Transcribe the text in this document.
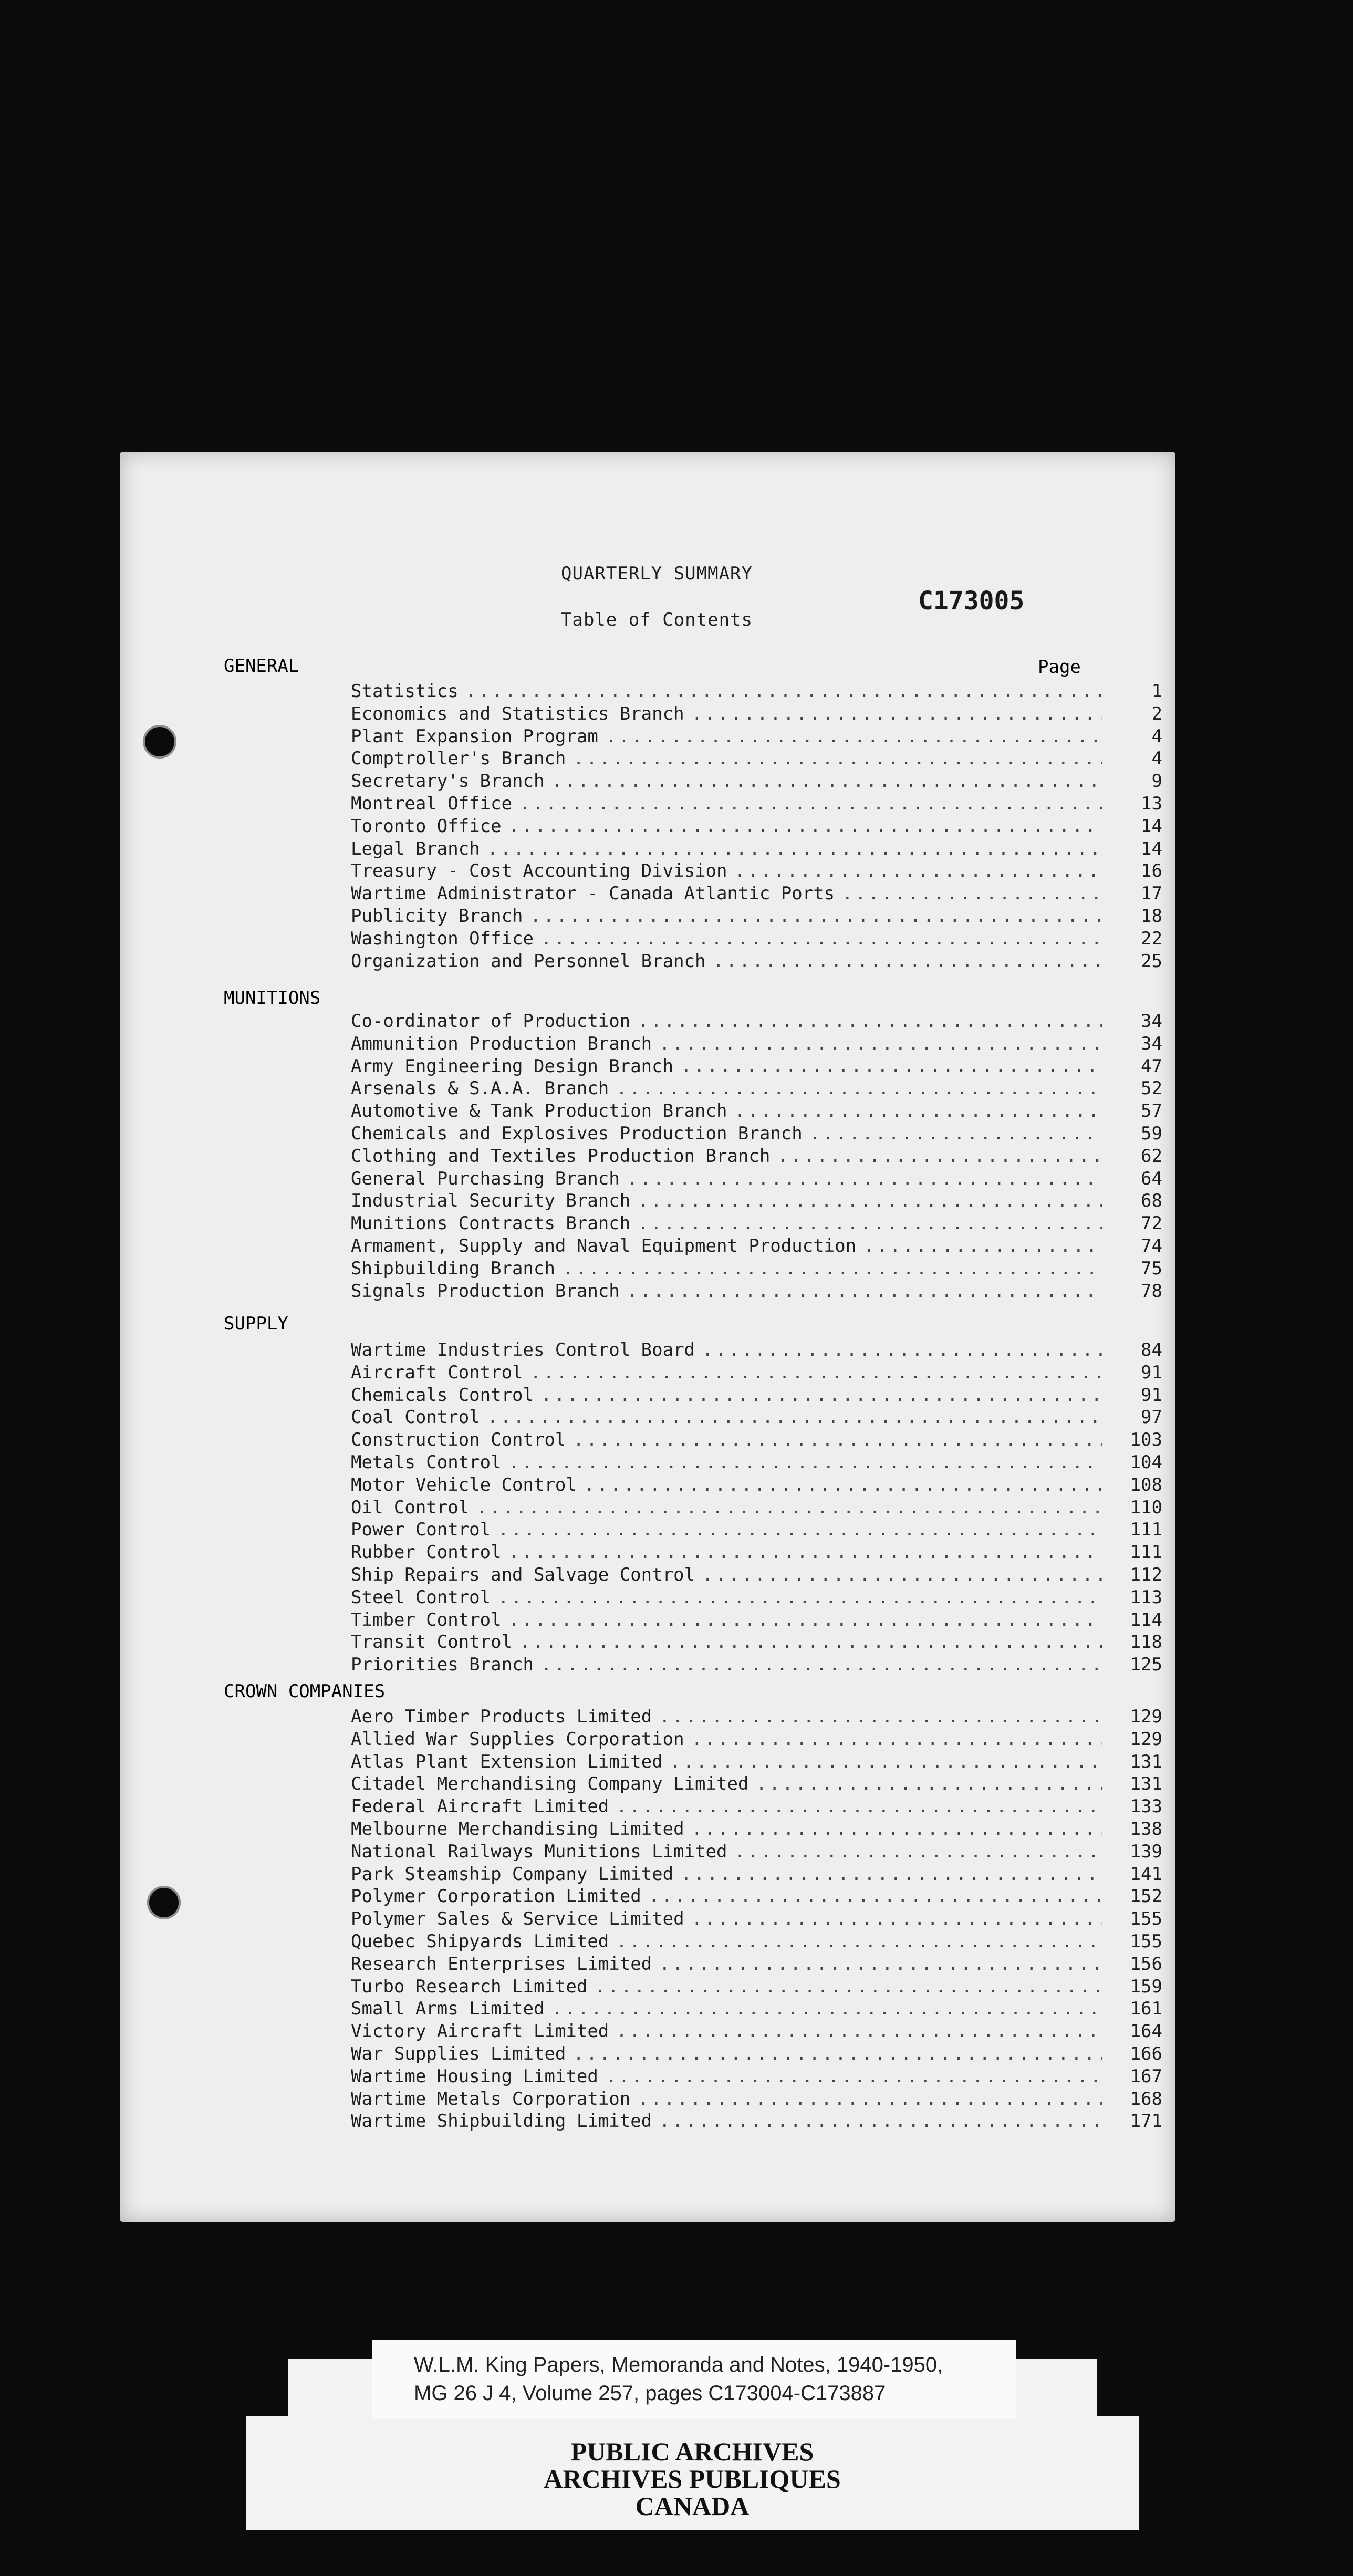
QUARTERLY SUMMARY
C173005
Table of Contents
GENERAL	Page
Statistics . . .	1
Economics and Statistics Branch . . .	2
Plant Expansion Program . . .	4
Comptroller's Branch . . .	4
Secretary's Branch . . .	9
Montreal Office . . .	13
Toronto Office . . .	14
Legal Branch . . .	14
Treasury - Cost Accounting Division . . .	16
Wartime Administrator - Canada Atlantic Ports . . .	17
Publicity Branch . . .	18
Washington Office . . .	22
Organization and Personnel Branch . . .	25
MUNITIONS
Co-ordinator of Production . . .	34
Ammunition Production Branch . . .	34
Army Engineering Design Branch . . .	47
Arsenals & S.A.A. Branch . . .	52
Automotive & Tank Production Branch . . .	57
Chemicals and Explosives Production Branch . . .	59
Clothing and Textiles Production Branch . . .	62
General Purchasing Branch . . .	64
Industrial Security Branch . . .	68
Munitions Contracts Branch . . .	72
Armament, Supply and Naval Equipment Production . . .	74
Shipbuilding Branch . . .	75
Signals Production Branch . . .	78
SUPPLY
Wartime Industries Control Board . . .	84
Aircraft Control . . .	91
Chemicals Control . . .	91
Coal Control . . .	97
Construction Control . . .	103
Metals Control . . .	104
Motor Vehicle Control . . .	108
Oil Control . . .	110
Power Control . . .	111
Rubber Control . . .	111
Ship Repairs and Salvage Control . . .	112
Steel Control . . .	113
Timber Control . . .	114
Transit Control . . .	118
Priorities Branch . . .	125
CROWN COMPANIES
Aero Timber Products Limited . . .	129
Allied War Supplies Corporation . . .	129
Atlas Plant Extension Limited . . .	131
Citadel Merchandising Company Limited . . .	131
Federal Aircraft Limited . . .	133
Melbourne Merchandising Limited . . .	138
National Railways Munitions Limited . . .	139
Park Steamship Company Limited . . .	141
Polymer Corporation Limited . . .	152
Polymer Sales & Service Limited . . .	155
Quebec Shipyards Limited . . .	155
Research Enterprises Limited . . .	156
Turbo Research Limited . . .	159
Small Arms Limited . . .	161
Victory Aircraft Limited . . .	164
War Supplies Limited . . .	166
Wartime Housing Limited . . .	167
Wartime Metals Corporation . . .	168
Wartime Shipbuilding Limited . . .	171
W.L.M. King Papers, Memoranda and Notes, 1940-1950,
MG 26 J 4, Volume 257, pages C173004-C173887
PUBLIC ARCHIVES
ARCHIVES PUBLIQUES
CANADA
